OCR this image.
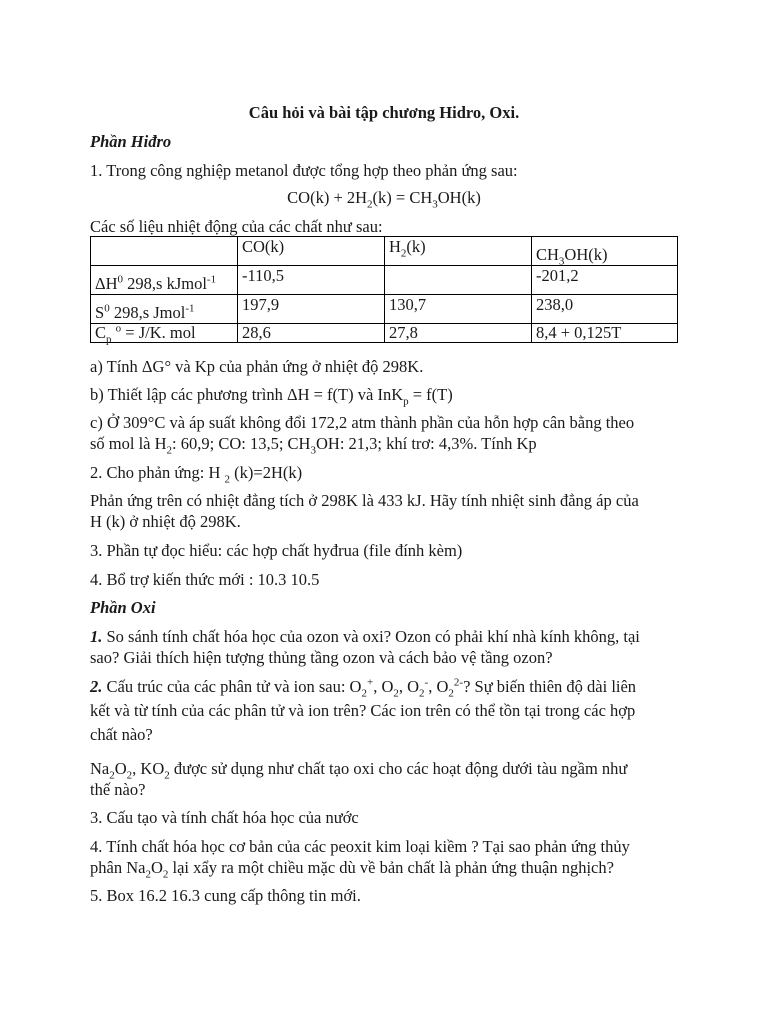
Câu hỏi và bài tập chương Hidro, Oxi.
Phần Hiđro
1. Trong công nghiệp metanol được tổng hợp theo phản ứng sau:
$CO(k) + 2H_2(k) = CH_3OH(k)$
Các số liệu nhiệt động của các chất như sau:
	CO(k)	$H_2(k)$	$CH_3OH(k)$
$\Delta H^0$ 298,s kJmol$^{-1}$	-110,5		-201,2
$S^0$ 298,s Jmol$^{-1}$	197,9	130,7	238,0
$C_p$ $^o$ = J/K. mol	28,6	27,8	8,4 + 0,125T
a) Tính ΔG° và Kp của phản ứng ở nhiệt độ 298K.
b) Thiết lập các phương trình ΔH = f(T) và InK$_p$ = f(T)
c) Ở 309°C và áp suất không đổi 172,2 atm thành phần của hỗn hợp cân bằng theo
số mol là $H_2$: 60,9; CO: 13,5; $CH_3OH$: 21,3; khí trơ: 4,3%. Tính Kp
2. Cho phản ứng: H $_2$ (k)=2H(k)
Phản ứng trên có nhiệt đẳng tích ở 298K là 433 kJ. Hãy tính nhiệt sinh đẳng áp của
H (k) ở nhiệt độ 298K.
3. Phần tự đọc hiểu: các hợp chất hyđrua (file đính kèm)
4. Bổ trợ kiến thức mới : 10.3 10.5
Phần Oxi
1. So sánh tính chất hóa học của ozon và oxi? Ozon có phải khí nhà kính không, tại
sao? Giải thích hiện tượng thủng tầng ozon và cách bảo vệ tầng ozon?
2. Cấu trúc của các phân tử và ion sau: $O_2^+$, $O_2$, $O_2^-$, $O_2^{2-}$? Sự biến thiên độ dài liên
kết và từ tính của các phân tử và ion trên? Các ion trên có thể tồn tại trong các hợp
chất nào?
$Na_2O_2$, $KO_2$ được sử dụng như chất tạo oxi cho các hoạt động dưới tàu ngầm như
thế nào?
3. Cấu tạo và tính chất hóa học của nước
4. Tính chất hóa học cơ bản của các peoxit kim loại kiềm ? Tại sao phản ứng thủy
phân $Na_2O_2$ lại xẩy ra một chiều mặc dù về bản chất là phản ứng thuận nghịch?
5. Box 16.2 16.3 cung cấp thông tin mới.
